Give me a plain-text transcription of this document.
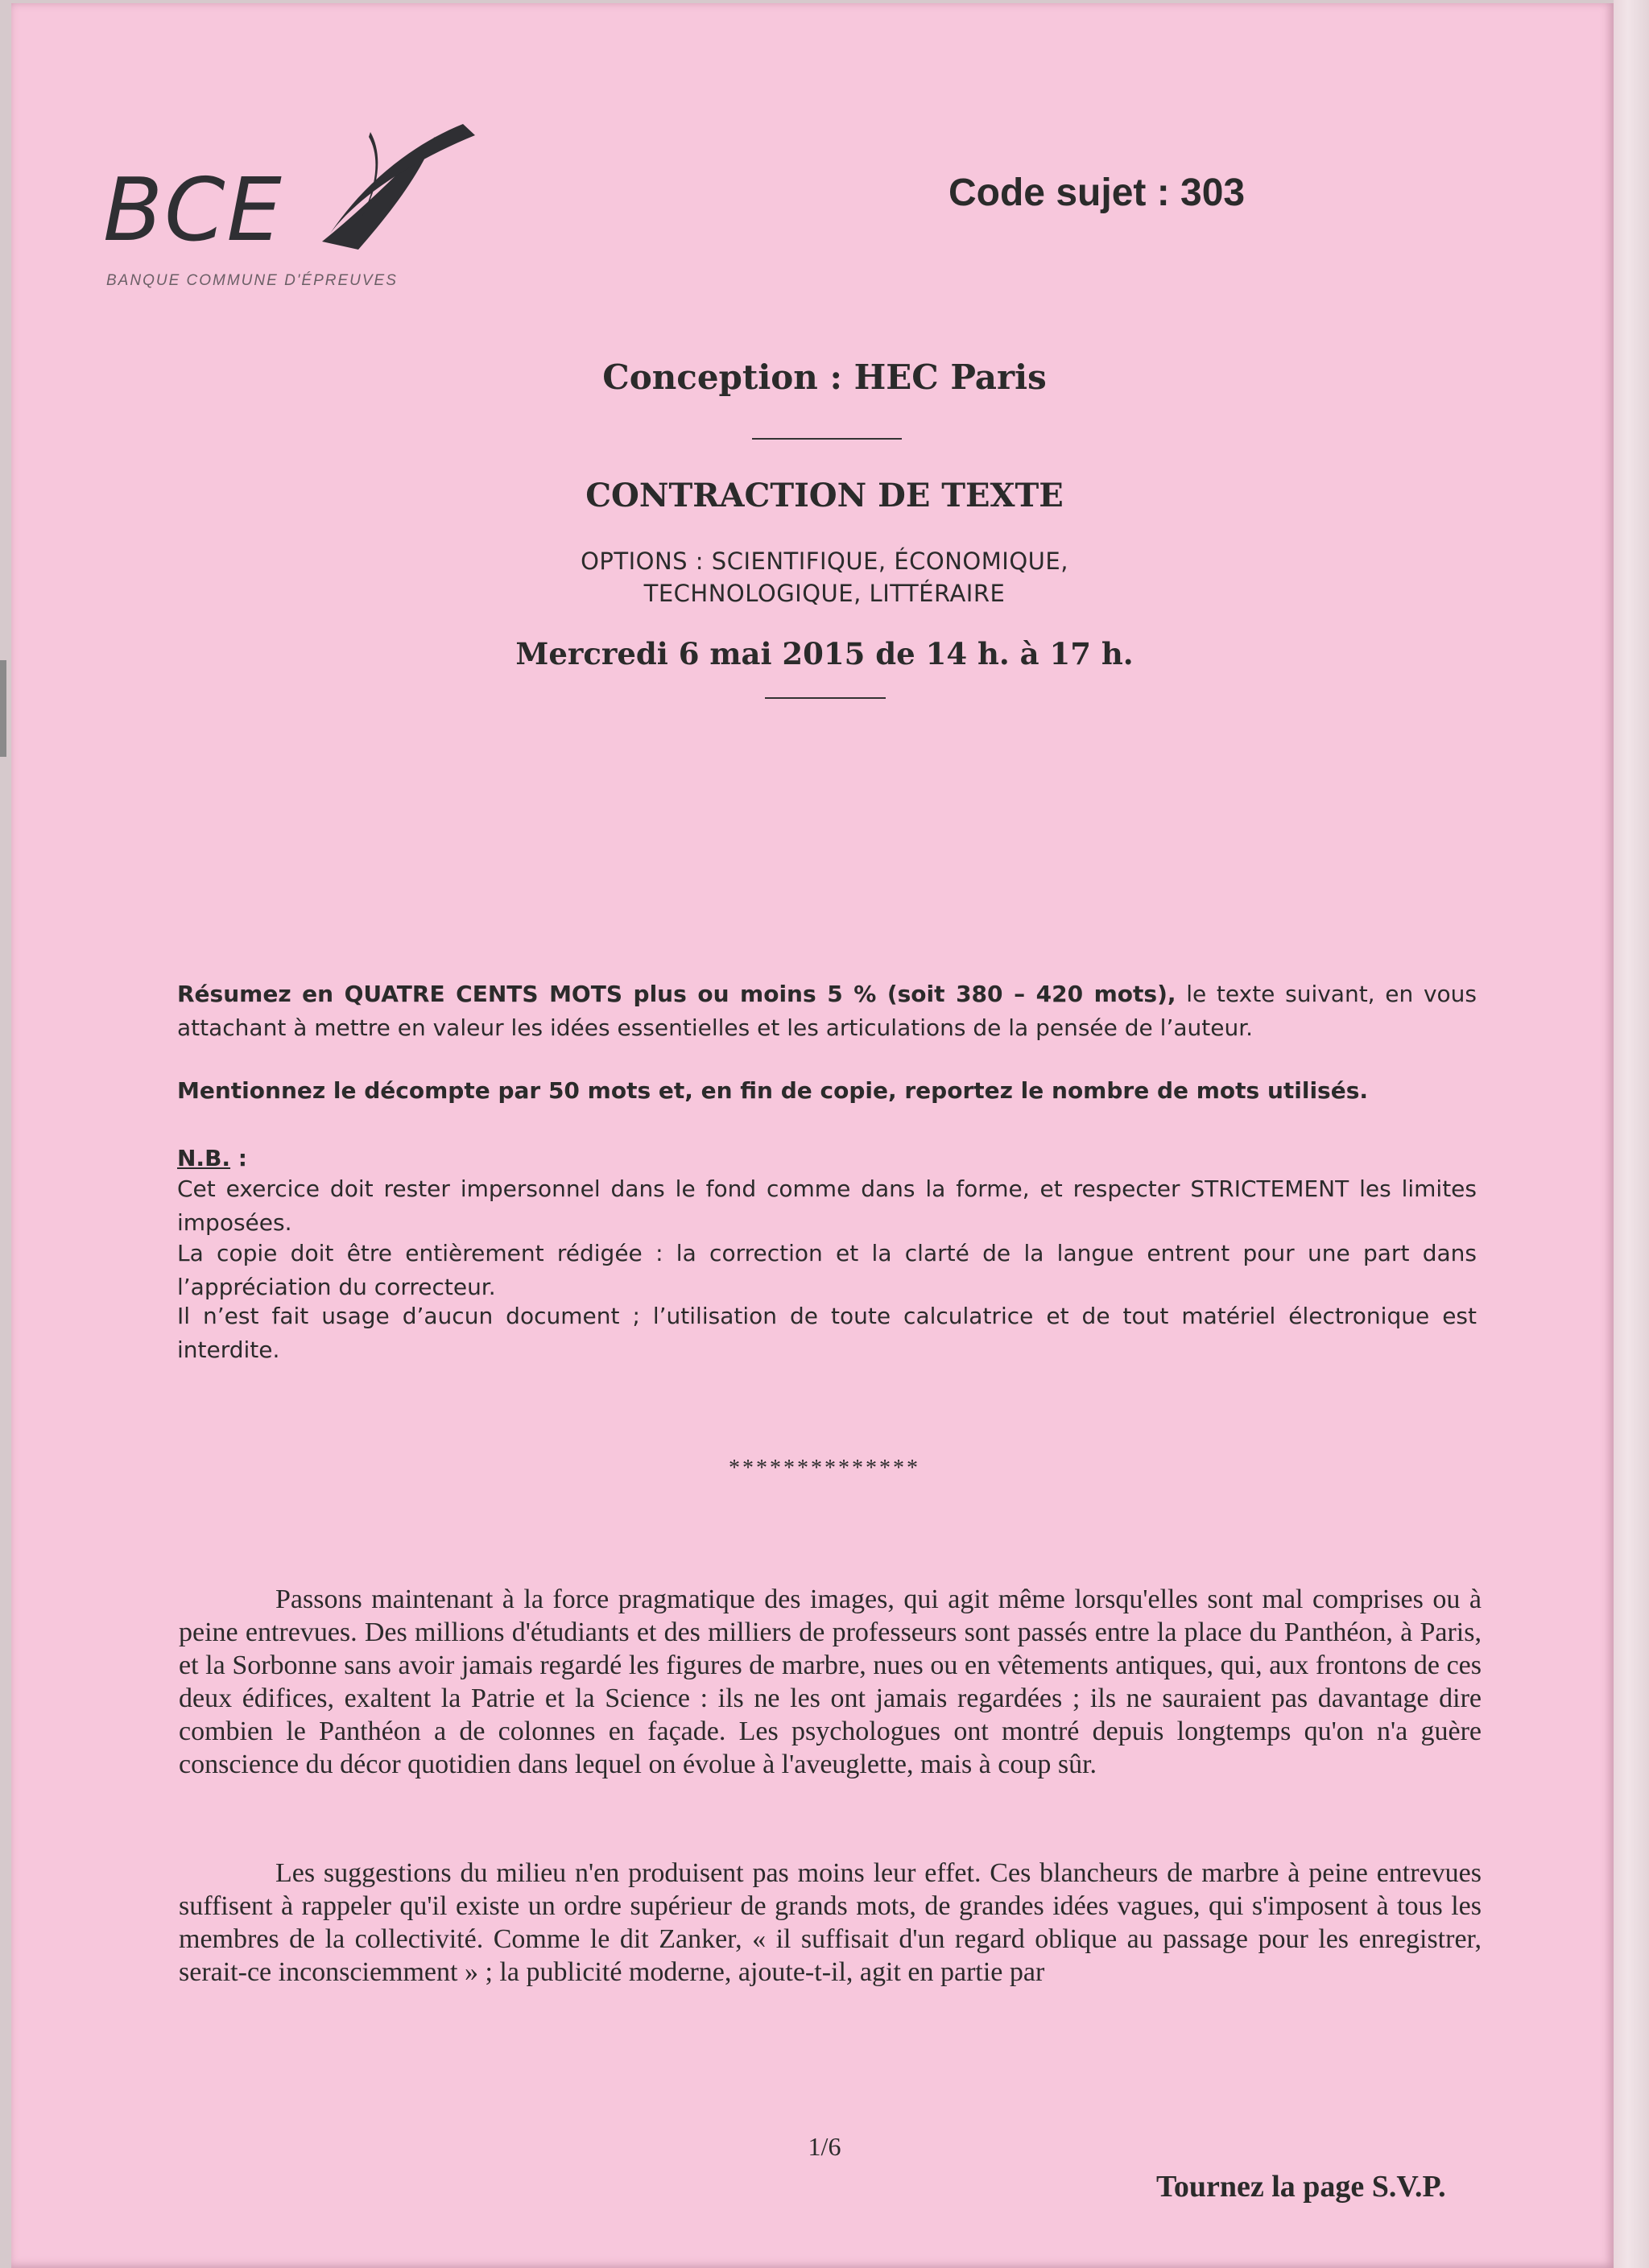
BCE
BANQUE COMMUNE D'ÉPREUVES
Code sujet : 303
Conception : HEC Paris
CONTRACTION DE TEXTE
OPTIONS : SCIENTIFIQUE, ÉCONOMIQUE,
TECHNOLOGIQUE, LITTÉRAIRE
Mercredi 6 mai 2015 de 14 h. à 17 h.
Résumez en QUATRE CENTS MOTS plus ou moins 5 % (soit 380 – 420 mots), le texte suivant, en vous attachant à mettre en valeur les idées essentielles et les articulations de la pensée de l’auteur.
Mentionnez le décompte par 50 mots et, en fin de copie, reportez le nombre de mots utilisés.
N.B. :
Cet exercice doit rester impersonnel dans le fond comme dans la forme, et respecter STRICTEMENT les limites imposées.
La copie doit être entièrement rédigée : la correction et la clarté de la langue entrent pour une part dans l’appréciation du correcteur.
Il n’est fait usage d’aucun document ; l’utilisation de toute calculatrice et de tout matériel électronique est interdite.
**************
Passons maintenant à la force pragmatique des images, qui agit même lorsqu'elles sont mal comprises ou à peine entrevues. Des millions d'étudiants et des milliers de professeurs sont passés entre la place du Panthéon, à Paris, et la Sorbonne sans avoir jamais regardé les figures de marbre, nues ou en vêtements antiques, qui, aux frontons de ces deux édifices, exaltent la Patrie et la Science : ils ne les ont jamais regardées ; ils ne sauraient pas davantage dire combien le Panthéon a de colonnes en façade. Les psychologues ont montré depuis longtemps qu'on n'a guère conscience du décor quotidien dans lequel on évolue à l'aveuglette, mais à coup sûr.
Les suggestions du milieu n'en produisent pas moins leur effet. Ces blancheurs de marbre à peine entrevues suffisent à rappeler qu'il existe un ordre supérieur de grands mots, de grandes idées vagues, qui s'imposent à tous les membres de la collectivité. Comme le dit Zanker, « il suffisait d'un regard oblique au passage pour les enregistrer, serait-ce inconsciemment » ; la publicité moderne, ajoute-t-il, agit en partie par
1/6
Tournez la page S.V.P.
